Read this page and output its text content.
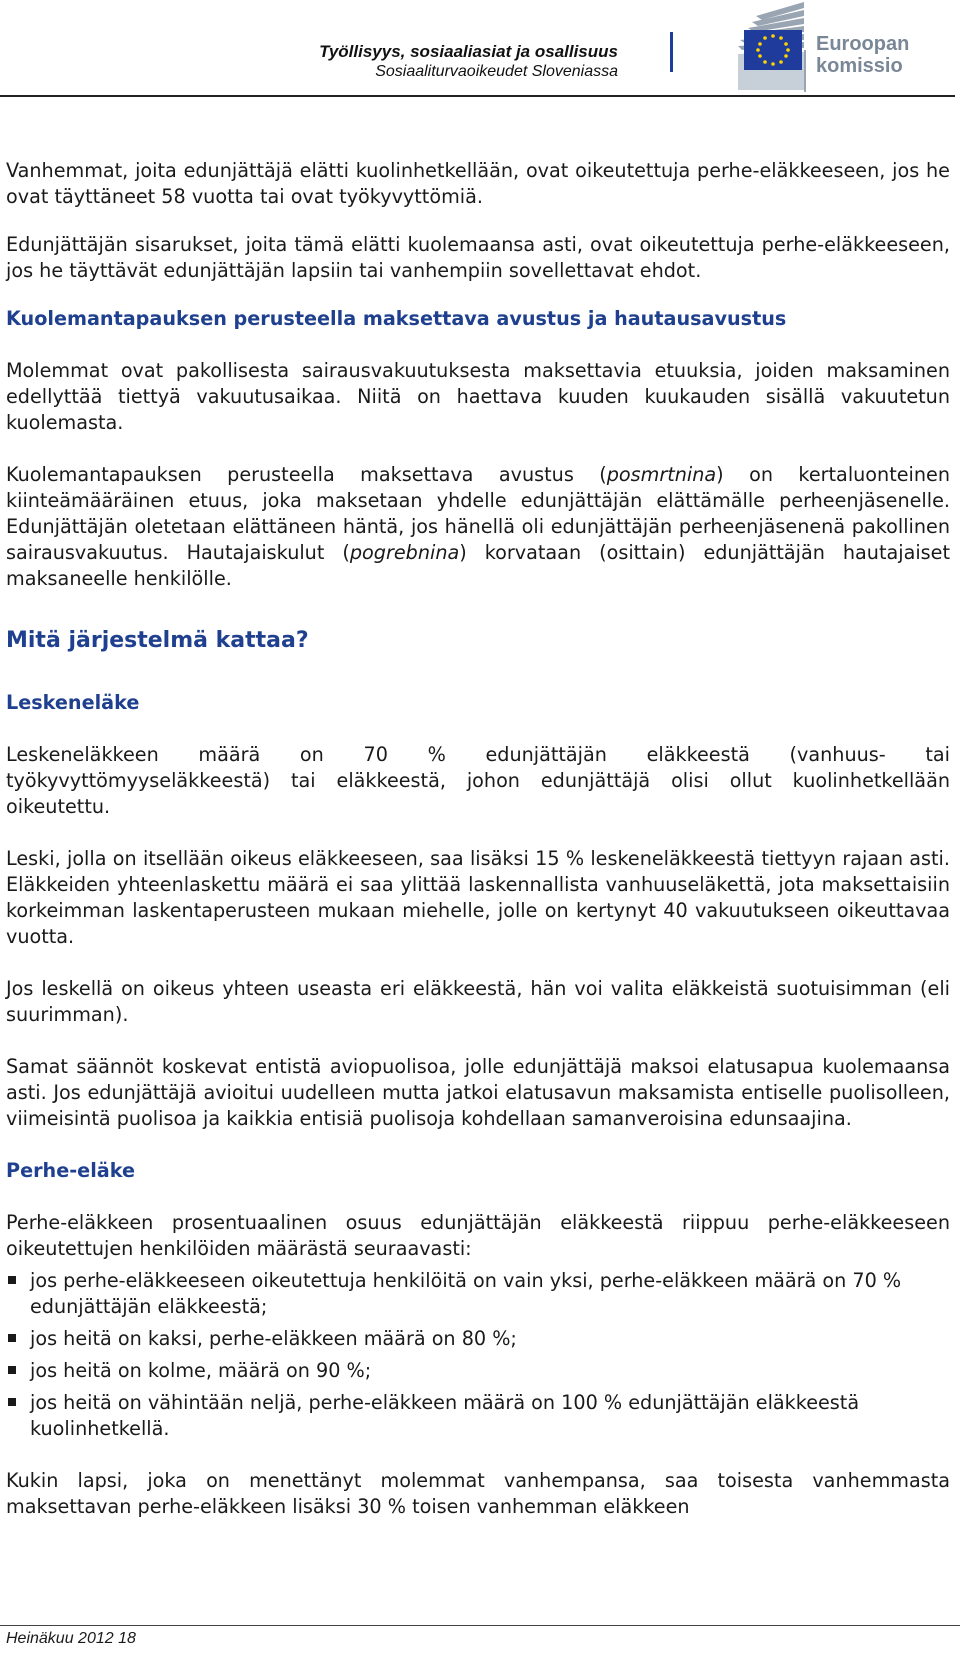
Työllisyys, sosiaaliasiat ja osallisuus
Sosiaaliturvaoikeudet Sloveniassa
Euroopan
komissio

Vanhemmat, joita edunjättäjä elätti kuolinhetkellään, ovat oikeutettuja perhe-eläkkeeseen, jos he ovat täyttäneet 58 vuotta tai ovat työkyvyttömiä.

Edunjättäjän sisarukset, joita tämä elätti kuolemaansa asti, ovat oikeutettuja perhe-eläkkeeseen, jos he täyttävät edunjättäjän lapsiin tai vanhempiin sovellettavat ehdot.

Kuolemantapauksen perusteella maksettava avustus ja hautausavustus

Molemmat ovat pakollisesta sairausvakuutuksesta maksettavia etuuksia, joiden maksaminen edellyttää tiettyä vakuutusaikaa. Niitä on haettava kuuden kuukauden sisällä vakuutetun kuolemasta.

Kuolemantapauksen perusteella maksettava avustus (posmrtnina) on kertaluonteinen kiinteämääräinen etuus, joka maksetaan yhdelle edunjättäjän elättämälle perheenjäsenelle. Edunjättäjän oletetaan elättäneen häntä, jos hänellä oli edunjättäjän perheenjäsenenä pakollinen sairausvakuutus. Hautajaiskulut (pogrebnina) korvataan (osittain) edunjättäjän hautajaiset maksaneelle henkilölle.

Mitä järjestelmä kattaa?
Leskeneläke

Leskeneläkkeen määrä on 70 % edunjättäjän eläkkeestä (vanhuus- tai työkyvyttömyyseläkkeestä) tai eläkkeestä, johon edunjättäjä olisi ollut kuolinhetkellään oikeutettu.

Leski, jolla on itsellään oikeus eläkkeeseen, saa lisäksi 15 % leskeneläkkeestä tiettyyn rajaan asti. Eläkkeiden yhteenlaskettu määrä ei saa ylittää laskennallista vanhuuseläkettä, jota maksettaisiin korkeimman laskentaperusteen mukaan miehelle, jolle on kertynyt 40 vakuutukseen oikeuttavaa vuotta.

Jos leskellä on oikeus yhteen useasta eri eläkkeestä, hän voi valita eläkkeistä suotuisimman (eli suurimman).

Samat säännöt koskevat entistä aviopuolisoa, jolle edunjättäjä maksoi elatusapua kuolemaansa asti. Jos edunjättäjä avioitui uudelleen mutta jatkoi elatusavun maksamista entiselle puolisolleen, viimeisintä puolisoa ja kaikkia entisiä puolisoja kohdellaan samanveroisina edunsaajina.

Perhe-eläke

Perhe-eläkkeen prosentuaalinen osuus edunjättäjän eläkkeestä riippuu perhe-eläkkeeseen oikeutettujen henkilöiden määrästä seuraavasti:

jos perhe-eläkkeeseen oikeutettuja henkilöitä on vain yksi, perhe-eläkkeen määrä on 70 % edunjättäjän eläkkeestä;
jos heitä on kaksi, perhe-eläkkeen määrä on 80 %;
jos heitä on kolme, määrä on 90 %;
jos heitä on vähintään neljä, perhe-eläkkeen määrä on 100 % edunjättäjän eläkkeestä kuolinhetkellä.

Kukin lapsi, joka on menettänyt molemmat vanhempansa, saa toisesta vanhemmasta maksettavan perhe-eläkkeen lisäksi 30 % toisen vanhemman eläkkeen

Heinäkuu 2012 18
